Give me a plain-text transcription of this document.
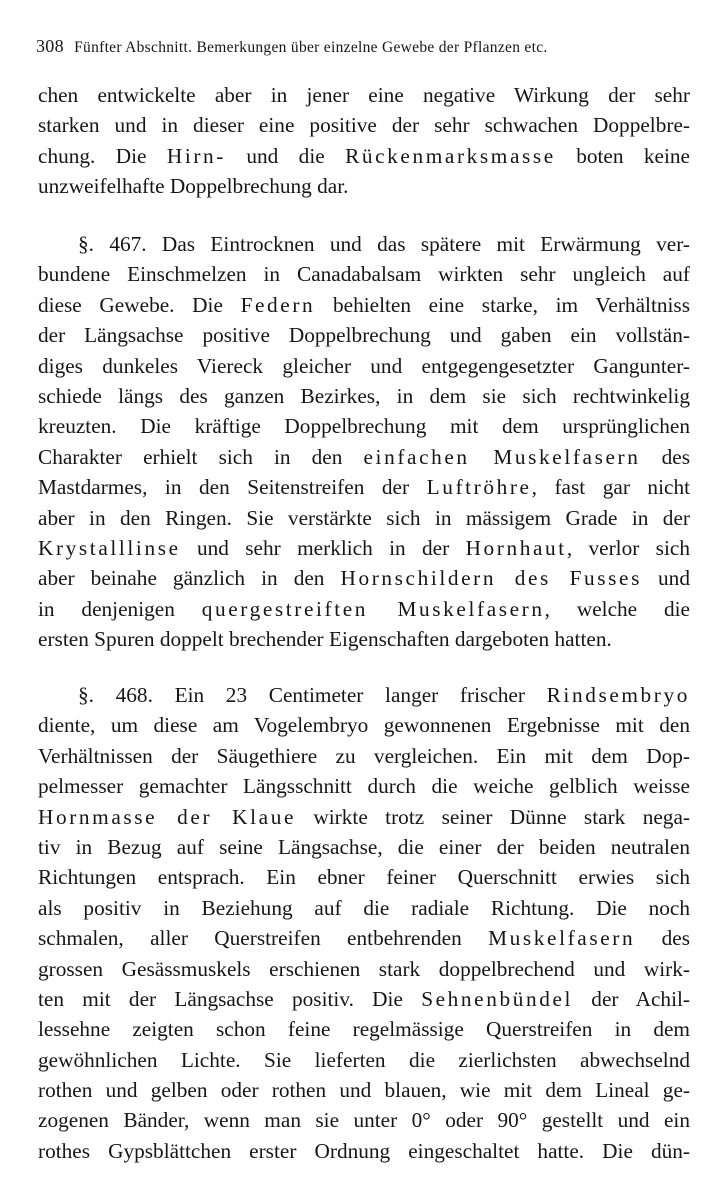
308 Fünfter Abschnitt. Bemerkungen über einzelne Gewebe der Pflanzen etc.
chen entwickelte aber in jener eine negative Wirkung der sehr
starken und in dieser eine positive der sehr schwachen Doppelbre-
chung. Die Hirn- und die Rückenmarksmasse boten keine
unzweifelhafte Doppelbrechung dar.
§. 467. Das Eintrocknen und das spätere mit Erwärmung ver-
bundene Einschmelzen in Canadabalsam wirkten sehr ungleich auf
diese Gewebe. Die Federn behielten eine starke, im Verhältniss
der Längsachse positive Doppelbrechung und gaben ein vollstän-
diges dunkeles Viereck gleicher und entgegengesetzter Gangunter-
schiede längs des ganzen Bezirkes, in dem sie sich rechtwinkelig
kreuzten. Die kräftige Doppelbrechung mit dem ursprünglichen
Charakter erhielt sich in den einfachen Muskelfasern des
Mastdarmes, in den Seitenstreifen der Luftröhre, fast gar nicht
aber in den Ringen. Sie verstärkte sich in mässigem Grade in der
Krystalllinse und sehr merklich in der Hornhaut, verlor sich
aber beinahe gänzlich in den Hornschildern des Fusses und
in denjenigen quergestreiften Muskelfasern, welche die
ersten Spuren doppelt brechender Eigenschaften dargeboten hatten.
§. 468. Ein 23 Centimeter langer frischer Rindsembryo
diente, um diese am Vogelembryo gewonnenen Ergebnisse mit den
Verhältnissen der Säugethiere zu vergleichen. Ein mit dem Dop-
pelmesser gemachter Längsschnitt durch die weiche gelblich weisse
Hornmasse der Klaue wirkte trotz seiner Dünne stark nega-
tiv in Bezug auf seine Längsachse, die einer der beiden neutralen
Richtungen entsprach. Ein ebner feiner Querschnitt erwies sich
als positiv in Beziehung auf die radiale Richtung. Die noch
schmalen, aller Querstreifen entbehrenden Muskelfasern des
grossen Gesässmuskels erschienen stark doppelbrechend und wirk-
ten mit der Längsachse positiv. Die Sehnenbündel der Achil-
lessehne zeigten schon feine regelmässige Querstreifen in dem
gewöhnlichen Lichte. Sie lieferten die zierlichsten abwechselnd
rothen und gelben oder rothen und blauen, wie mit dem Lineal ge-
zogenen Bänder, wenn man sie unter 0° oder 90° gestellt und ein
rothes Gypsblättchen erster Ordnung eingeschaltet hatte. Die dün-
